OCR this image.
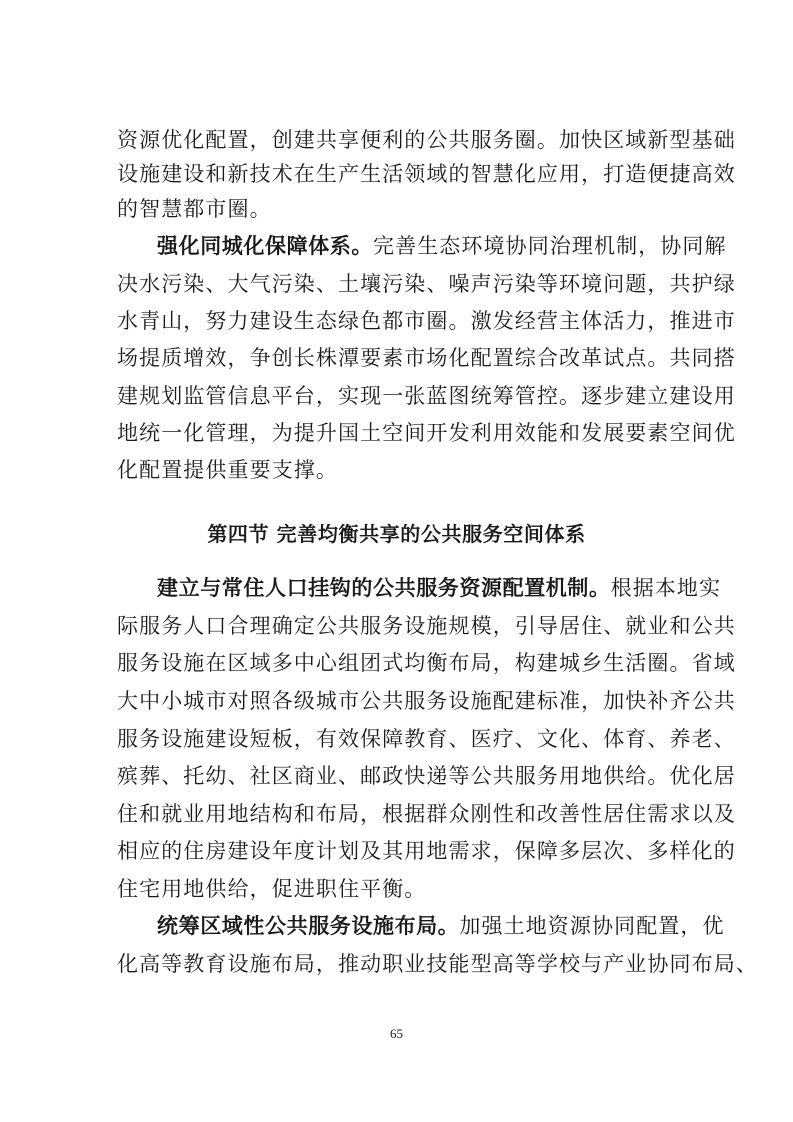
资源优化配置，创建共享便利的公共服务圈。加快区域新型基础
设施建设和新技术在生产生活领域的智慧化应用，打造便捷高效
的智慧都市圈。
强化同城化保障体系。完善生态环境协同治理机制，协同解
决水污染、大气污染、土壤污染、噪声污染等环境问题，共护绿
水青山，努力建设生态绿色都市圈。激发经营主体活力，推进市
场提质增效，争创长株潭要素市场化配置综合改革试点。共同搭
建规划监管信息平台，实现一张蓝图统筹管控。逐步建立建设用
地统一化管理，为提升国土空间开发利用效能和发展要素空间优
化配置提供重要支撑。
第四节 完善均衡共享的公共服务空间体系
建立与常住人口挂钩的公共服务资源配置机制。根据本地实
际服务人口合理确定公共服务设施规模，引导居住、就业和公共
服务设施在区域多中心组团式均衡布局，构建城乡生活圈。省域
大中小城市对照各级城市公共服务设施配建标准，加快补齐公共
服务设施建设短板，有效保障教育、医疗、文化、体育、养老、
殡葬、托幼、社区商业、邮政快递等公共服务用地供给。优化居
住和就业用地结构和布局，根据群众刚性和改善性居住需求以及
相应的住房建设年度计划及其用地需求，保障多层次、多样化的
住宅用地供给，促进职住平衡。
统筹区域性公共服务设施布局。加强土地资源协同配置，优
化高等教育设施布局，推动职业技能型高等学校与产业协同布局、
65
